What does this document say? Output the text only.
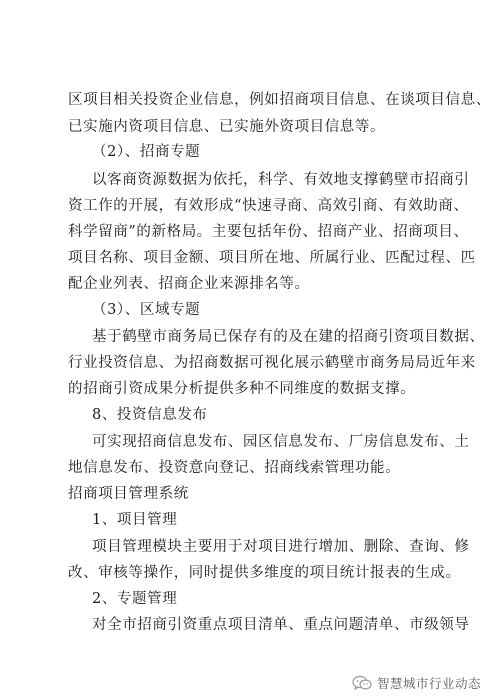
区项目相关投资企业信息，例如招商项目信息、在谈项目信息、
已实施内资项目信息、已实施外资项目信息等。
（2）、招商专题
以客商资源数据为依托，科学、有效地支撑鹤壁市招商引
资工作的开展，有效形成“快速寻商、高效引商、有效助商、
科学留商”的新格局。主要包括年份、招商产业、招商项目、
项目名称、项目金额、项目所在地、所属行业、匹配过程、匹
配企业列表、招商企业来源排名等。
（3）、区域专题
基于鹤壁市商务局已保存有的及在建的招商引资项目数据、
行业投资信息、为招商数据可视化展示鹤壁市商务局局近年来
的招商引资成果分析提供多种不同维度的数据支撑。
8、投资信息发布
可实现招商信息发布、园区信息发布、厂房信息发布、土
地信息发布、投资意向登记、招商线索管理功能。
招商项目管理系统
1、项目管理
项目管理模块主要用于对项目进行增加、删除、查询、修
改、审核等操作，同时提供多维度的项目统计报表的生成。
2、专题管理
对全市招商引资重点项目清单、重点问题清单、市级领导
智慧城市行业动态
